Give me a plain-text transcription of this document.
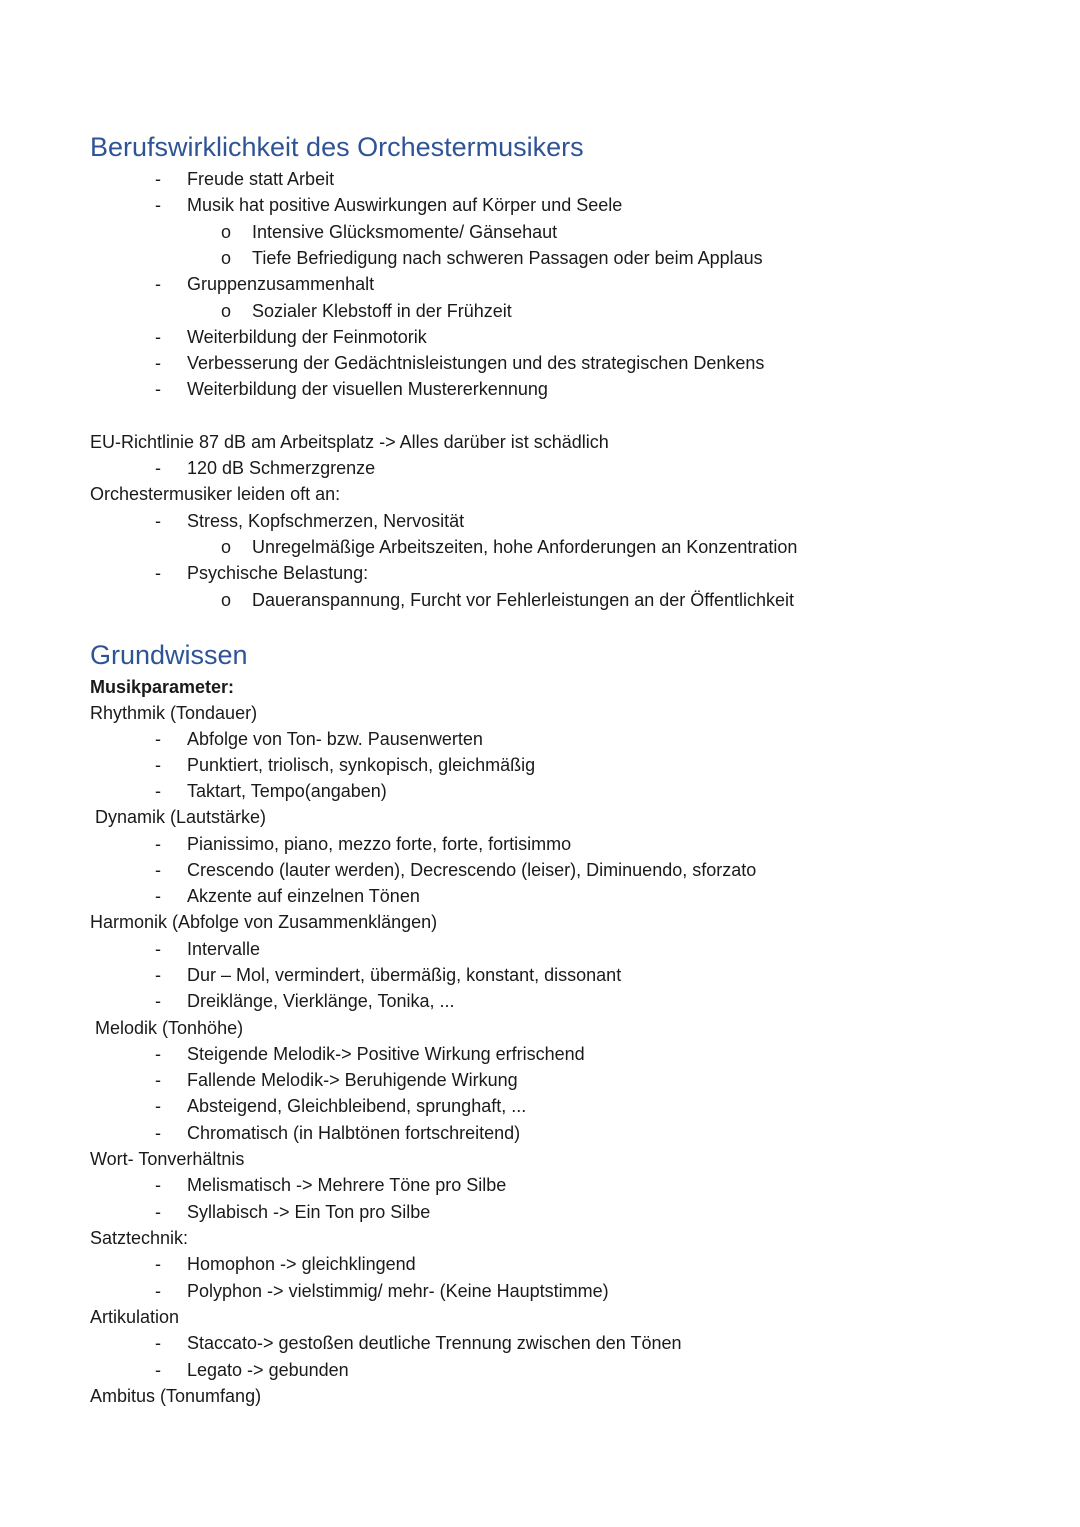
Berufswirklichkeit des Orchestermusikers
- Freude statt Arbeit
- Musik hat positive Auswirkungen auf Körper und Seele
o Intensive Glücksmomente/ Gänsehaut
o Tiefe Befriedigung nach schweren Passagen oder beim Applaus
- Gruppenzusammenhalt
o Sozialer Klebstoff in der Frühzeit
- Weiterbildung der Feinmotorik
- Verbesserung der Gedächtnisleistungen und des strategischen Denkens
- Weiterbildung der visuellen Mustererkennung
EU-Richtlinie 87 dB am Arbeitsplatz -> Alles darüber ist schädlich
- 120 dB Schmerzgrenze
Orchestermusiker leiden oft an:
- Stress, Kopfschmerzen, Nervosität
o Unregelmäßige Arbeitszeiten, hohe Anforderungen an Konzentration
- Psychische Belastung:
o Daueranspannung, Furcht vor Fehlerleistungen an der Öffentlichkeit
Grundwissen
Musikparameter:
Rhythmik (Tondauer)
- Abfolge von Ton- bzw. Pausenwerten
- Punktiert, triolisch, synkopisch, gleichmäßig
- Taktart, Tempo(angaben)
Dynamik (Lautstärke)
- Pianissimo, piano, mezzo forte, forte, fortisimmo
- Crescendo (lauter werden), Decrescendo (leiser), Diminuendo, sforzato
- Akzente auf einzelnen Tönen
Harmonik (Abfolge von Zusammenklängen)
- Intervalle
- Dur – Mol, vermindert, übermäßig, konstant, dissonant
- Dreiklänge, Vierklänge, Tonika, ...
Melodik (Tonhöhe)
- Steigende Melodik-> Positive Wirkung erfrischend
- Fallende Melodik-> Beruhigende Wirkung
- Absteigend, Gleichbleibend, sprunghaft, ...
- Chromatisch (in Halbtönen fortschreitend)
Wort- Tonverhältnis
- Melismatisch -> Mehrere Töne pro Silbe
- Syllabisch -> Ein Ton pro Silbe
Satztechnik:
- Homophon -> gleichklingend
- Polyphon -> vielstimmig/ mehr- (Keine Hauptstimme)
Artikulation
- Staccato-> gestoßen deutliche Trennung zwischen den Tönen
- Legato -> gebunden
Ambitus (Tonumfang)
